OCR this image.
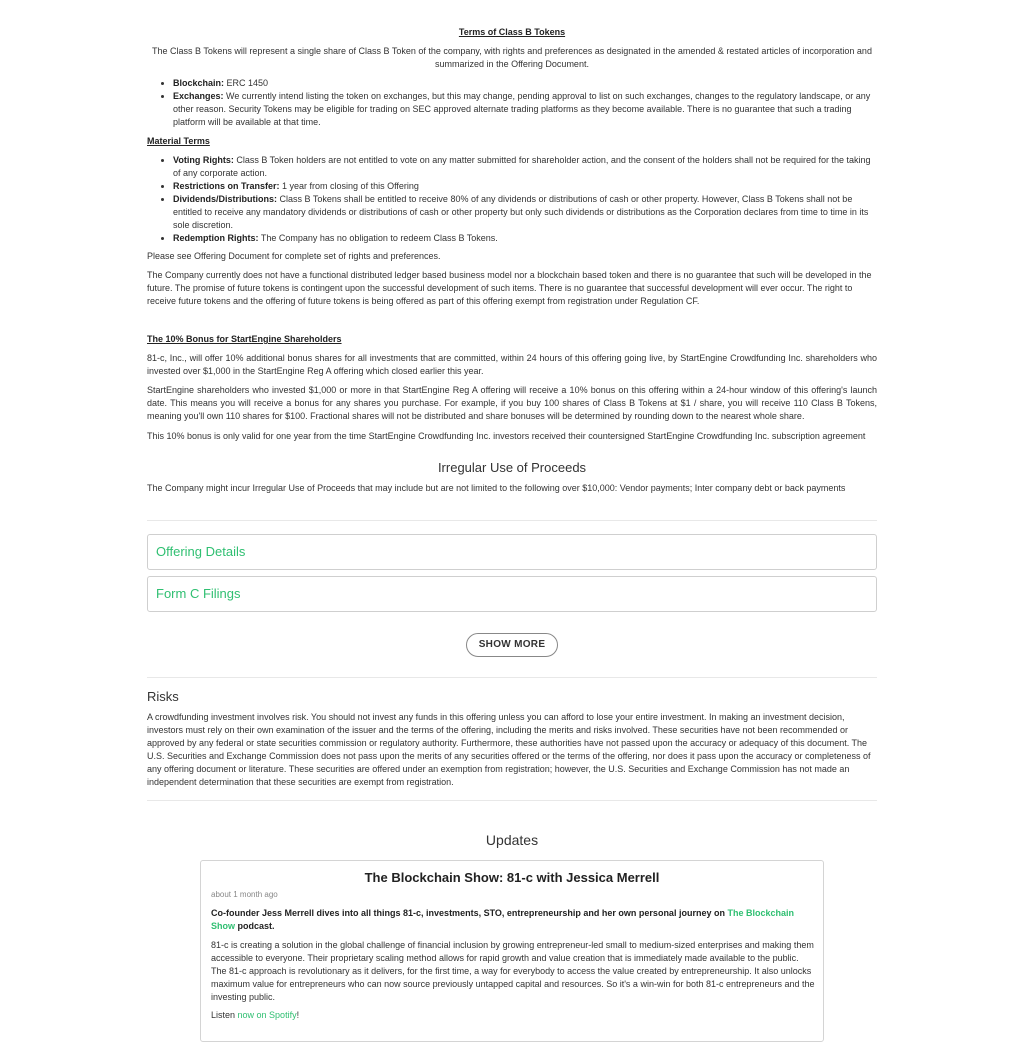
Terms of Class B Tokens
The Class B Tokens will represent a single share of Class B Token of the company, with rights and preferences as designated in the amended & restated articles of incorporation and summarized in the Offering Document.
• Blockchain: ERC 1450
• Exchanges: We currently intend listing the token on exchanges, but this may change, pending approval to list on such exchanges, changes to the regulatory landscape, or any other reason. Security Tokens may be eligible for trading on SEC approved alternate trading platforms as they become available. There is no guarantee that such a trading platform will be available at that time.
Material Terms
• Voting Rights: Class B Token holders are not entitled to vote on any matter submitted for shareholder action, and the consent of the holders shall not be required for the taking of any corporate action.
• Restrictions on Transfer: 1 year from closing of this Offering
• Dividends/Distributions: Class B Tokens shall be entitled to receive 80% of any dividends or distributions of cash or other property. However, Class B Tokens shall not be entitled to receive any mandatory dividends or distributions of cash or other property but only such dividends or distributions as the Corporation declares from time to time in its sole discretion.
• Redemption Rights: The Company has no obligation to redeem Class B Tokens.

Please see Offering Document for complete set of rights and preferences.

The Company currently does not have a functional distributed ledger based business model nor a blockchain based token and there is no guarantee that such will be developed in the future. The promise of future tokens is contingent upon the successful development of such items. There is no guarantee that successful development will ever occur. The right to receive future tokens and the offering of future tokens is being offered as part of this offering exempt from registration under Regulation CF.

The 10% Bonus for StartEngine Shareholders

81-c, Inc., will offer 10% additional bonus shares for all investments that are committed, within 24 hours of this offering going live, by StartEngine Crowdfunding Inc. shareholders who invested over $1,000 in the StartEngine Reg A offering which closed earlier this year.

StartEngine shareholders who invested $1,000 or more in that StartEngine Reg A offering will receive a 10% bonus on this offering within a 24-hour window of this offering's launch date. This means you will receive a bonus for any shares you purchase. For example, if you buy 100 shares of Class B Tokens at $1 / share, you will receive 110 Class B Tokens, meaning you'll own 110 shares for $100. Fractional shares will not be distributed and share bonuses will be determined by rounding down to the nearest whole share.

This 10% bonus is only valid for one year from the time StartEngine Crowdfunding Inc. investors received their countersigned StartEngine Crowdfunding Inc. subscription agreement

Irregular Use of Proceeds

The Company might incur Irregular Use of Proceeds that may include but are not limited to the following over $10,000: Vendor payments; Inter company debt or back payments

Offering Details
Form C Filings
SHOW MORE
Risks

A crowdfunding investment involves risk. You should not invest any funds in this offering unless you can afford to lose your entire investment. In making an investment decision, investors must rely on their own examination of the issuer and the terms of the offering, including the merits and risks involved. These securities have not been recommended or approved by any federal or state securities commission or regulatory authority. Furthermore, these authorities have not passed upon the accuracy or adequacy of this document. The U.S. Securities and Exchange Commission does not pass upon the merits of any securities offered or the terms of the offering, nor does it pass upon the accuracy or completeness of any offering document or literature. These securities are offered under an exemption from registration; however, the U.S. Securities and Exchange Commission has not made an independent determination that these securities are exempt from registration.

Updates
The Blockchain Show: 81-c with Jessica Merrell
about 1 month ago
Co-founder Jess Merrell dives into all things 81-c, investments, STO, entrepreneurship and her own personal journey on The Blockchain Show podcast.
81-c is creating a solution in the global challenge of financial inclusion by growing entrepreneur-led small to medium-sized enterprises and making them accessible to everyone. Their proprietary scaling method allows for rapid growth and value creation that is immediately made available to the public. The 81-c approach is revolutionary as it delivers, for the first time, a way for everybody to access the value created by entrepreneurship. It also unlocks maximum value for entrepreneurs who can now source previously untapped capital and resources. So it's a win-win for both 81-c entrepreneurs and the investing public.
Listen now on Spotify!
